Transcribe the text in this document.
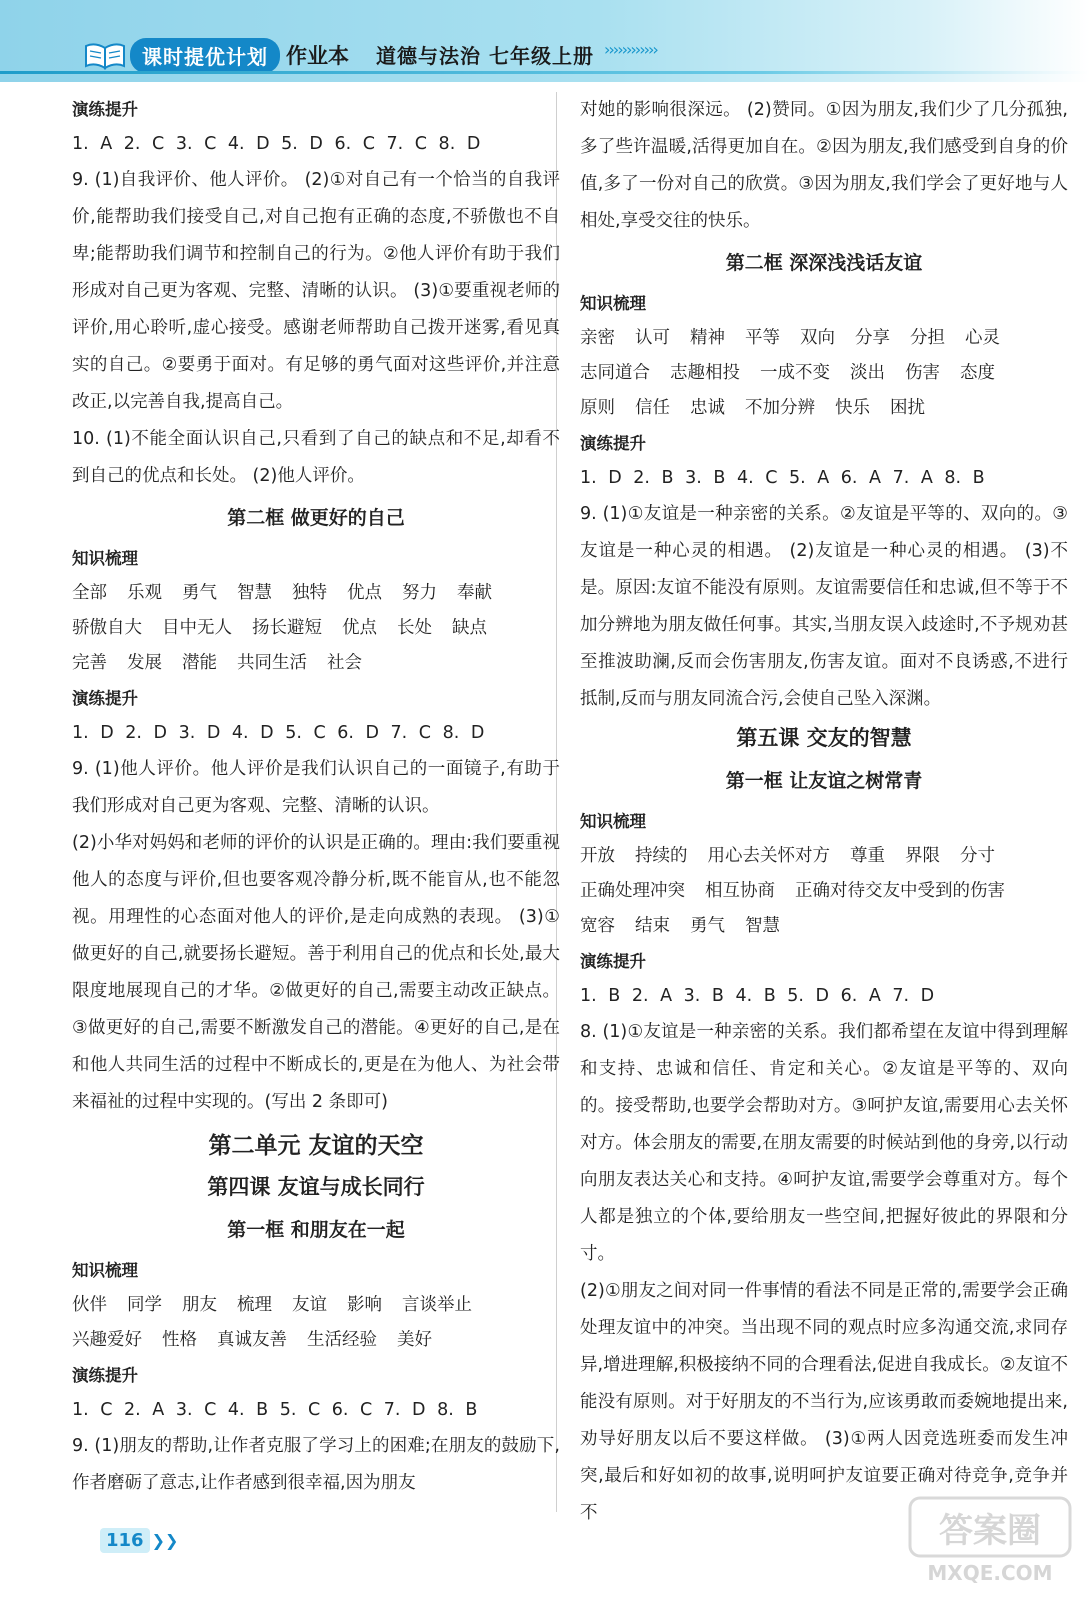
课时提优计划 作业本 道德与法治 七年级上册 ››››››››››››

演练提升

1. A 2. C 3. C 4. D 5. D 6. C 7. C 8. D

9. (1)自我评价、他人评价。 (2)①对自己有一个恰当的自我评价,能帮助我们接受自己,对自己抱有正确的态度,不骄傲也不自卑;能帮助我们调节和控制自己的行为。②他人评价有助于我们形成对自己更为客观、完整、清晰的认识。 (3)①要重视老师的评价,用心聆听,虚心接受。感谢老师帮助自己拨开迷雾,看见真实的自己。②要勇于面对。有足够的勇气面对这些评价,并注意改正,以完善自我,提高自己。

10. (1)不能全面认识自己,只看到了自己的缺点和不足,却看不到自己的优点和长处。 (2)他人评价。

第二框 做更好的自己

知识梳理

全部 乐观 勇气 智慧 独特 优点 努力 奉献

骄傲自大 目中无人 扬长避短 优点 长处 缺点

完善 发展 潜能 共同生活 社会

演练提升

1. D 2. D 3. D 4. D 5. C 6. D 7. C 8. D

9. (1)他人评价。他人评价是我们认识自己的一面镜子,有助于我们形成对自己更为客观、完整、清晰的认识。

(2)小华对妈妈和老师的评价的认识是正确的。理由:我们要重视他人的态度与评价,但也要客观冷静分析,既不能盲从,也不能忽视。用理性的心态面对他人的评价,是走向成熟的表现。 (3)①做更好的自己,就要扬长避短。善于利用自己的优点和长处,最大限度地展现自己的才华。②做更好的自己,需要主动改正缺点。③做更好的自己,需要不断激发自己的潜能。④更好的自己,是在和他人共同生活的过程中不断成长的,更是在为他人、为社会带来福祉的过程中实现的。(写出 2 条即可)

第二单元 友谊的天空

第四课 友谊与成长同行

第一框 和朋友在一起

知识梳理

伙伴 同学 朋友 梳理 友谊 影响 言谈举止

兴趣爱好 性格 真诚友善 生活经验 美好

演练提升

1. C 2. A 3. C 4. B 5. C 6. C 7. D 8. B

9. (1)朋友的帮助,让作者克服了学习上的困难;在朋友的鼓励下,作者磨砺了意志,让作者感到很幸福,因为朋友

对她的影响很深远。 (2)赞同。①因为朋友,我们少了几分孤独,多了些许温暖,活得更加自在。②因为朋友,我们感受到自身的价值,多了一份对自己的欣赏。③因为朋友,我们学会了更好地与人相处,享受交往的快乐。

第二框 深深浅浅话友谊

知识梳理

亲密 认可 精神 平等 双向 分享 分担 心灵

志同道合 志趣相投 一成不变 淡出 伤害 态度

原则 信任 忠诚 不加分辨 快乐 困扰

演练提升

1. D 2. B 3. B 4. C 5. A 6. A 7. A 8. B

9. (1)①友谊是一种亲密的关系。②友谊是平等的、双向的。③友谊是一种心灵的相遇。 (2)友谊是一种心灵的相遇。 (3)不是。原因:友谊不能没有原则。友谊需要信任和忠诚,但不等于不加分辨地为朋友做任何事。其实,当朋友误入歧途时,不予规劝甚至推波助澜,反而会伤害朋友,伤害友谊。面对不良诱惑,不进行抵制,反而与朋友同流合污,会使自己坠入深渊。

第五课 交友的智慧

第一框 让友谊之树常青

知识梳理

开放 持续的 用心去关怀对方 尊重 界限 分寸

正确处理冲突 相互协商 正确对待交友中受到的伤害

宽容 结束 勇气 智慧

演练提升

1. B 2. A 3. B 4. B 5. D 6. A 7. D

8. (1)①友谊是一种亲密的关系。我们都希望在友谊中得到理解和支持、忠诚和信任、肯定和关心。②友谊是平等的、双向的。接受帮助,也要学会帮助对方。③呵护友谊,需要用心去关怀对方。体会朋友的需要,在朋友需要的时候站到他的身旁,以行动向朋友表达关心和支持。④呵护友谊,需要学会尊重对方。每个人都是独立的个体,要给朋友一些空间,把握好彼此的界限和分寸。

(2)①朋友之间对同一件事情的看法不同是正常的,需要学会正确处理友谊中的冲突。当出现不同的观点时应多沟通交流,求同存异,增进理解,积极接纳不同的合理看法,促进自我成长。②友谊不能没有原则。对于好朋友的不当行为,应该勇敢而委婉地提出来,劝导好朋友以后不要这样做。 (3)①两人因竞选班委而发生冲突,最后和好如初的故事,说明呵护友谊要正确对待竞争,竞争并不

116 ❯❯	答案圈
MXQE.COM
